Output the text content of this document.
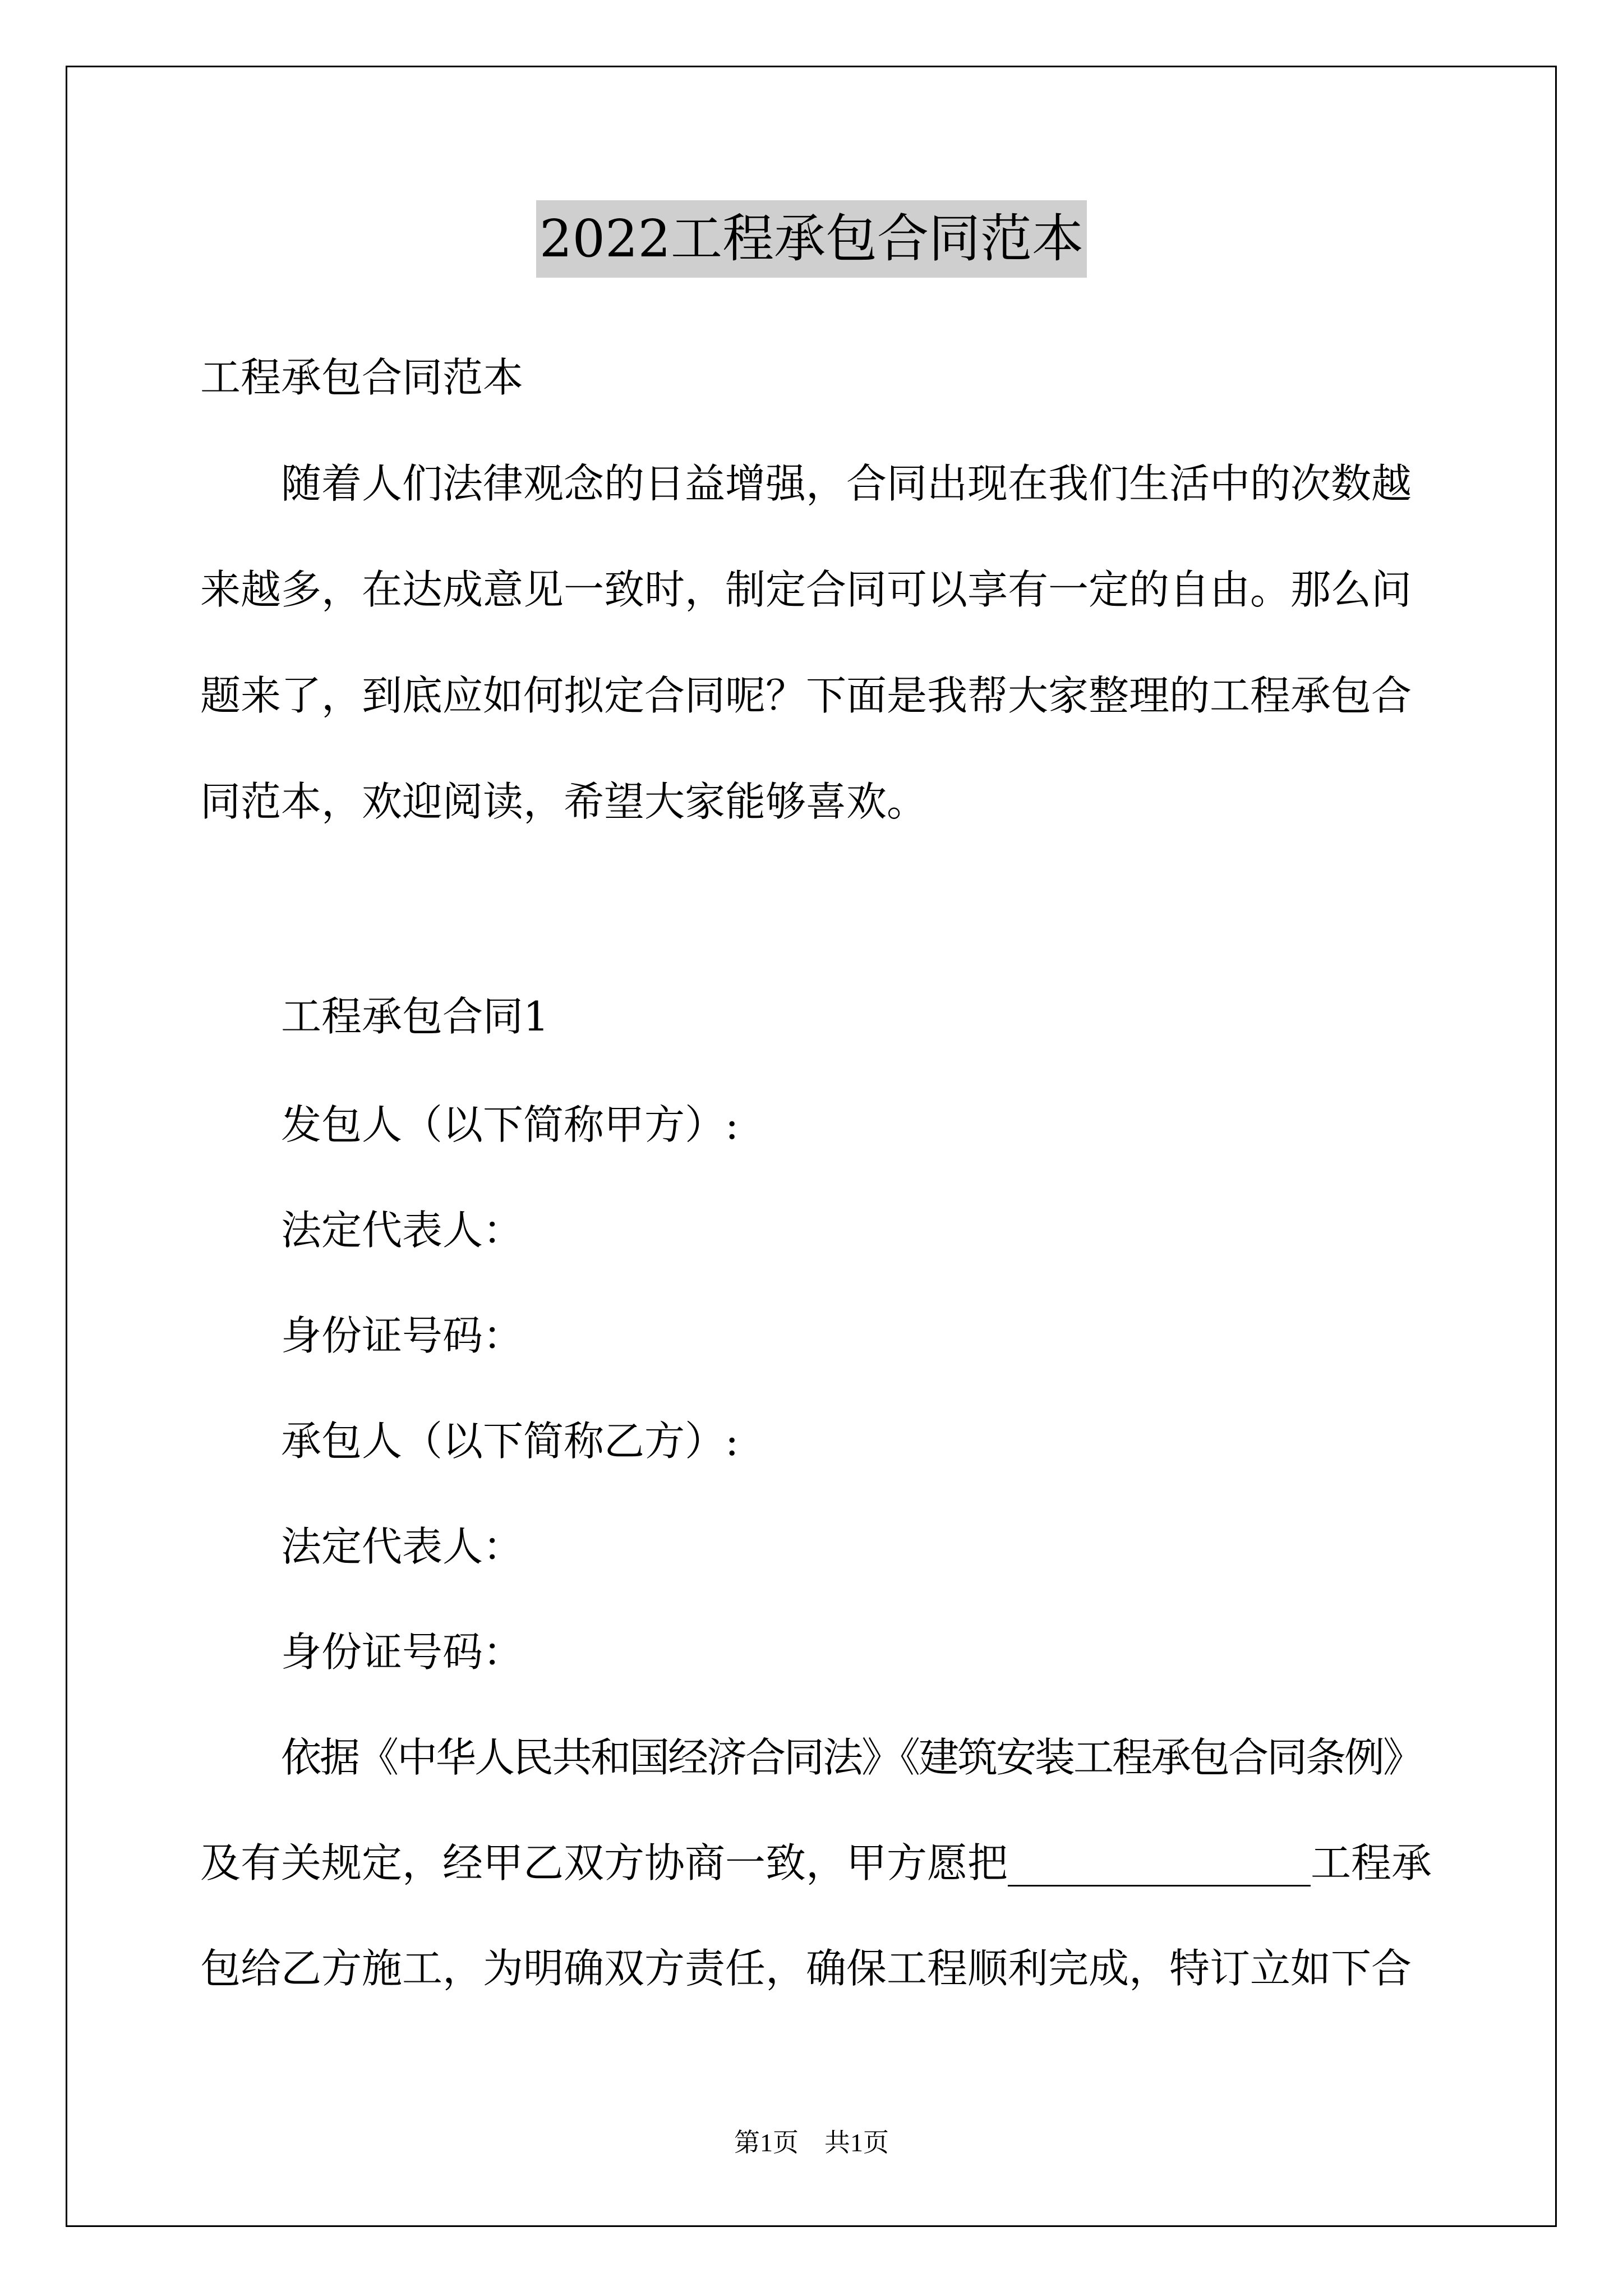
2022工程承包合同范本
工程承包合同范本
随着人们法律观念的日益增强，合同出现在我们生活中的次数越
来越多，在达成意见一致时，制定合同可以享有一定的自由。那么问
题来了，到底应如何拟定合同呢？下面是我帮大家整理的工程承包合
同范本，欢迎阅读，希望大家能够喜欢。
工程承包合同1
发包人（以下简称甲方）:
法定代表人：
身份证号码：
承包人（以下简称乙方）:
法定代表人：
身份证号码：
依据《中华人民共和国经济合同法》《建筑安装工程承包合同条例》
及有关规定，经甲乙双方协商一致，甲方愿把_______________工程承
包给乙方施工，为明确双方责任，确保工程顺利完成，特订立如下合
第1页 共1页
